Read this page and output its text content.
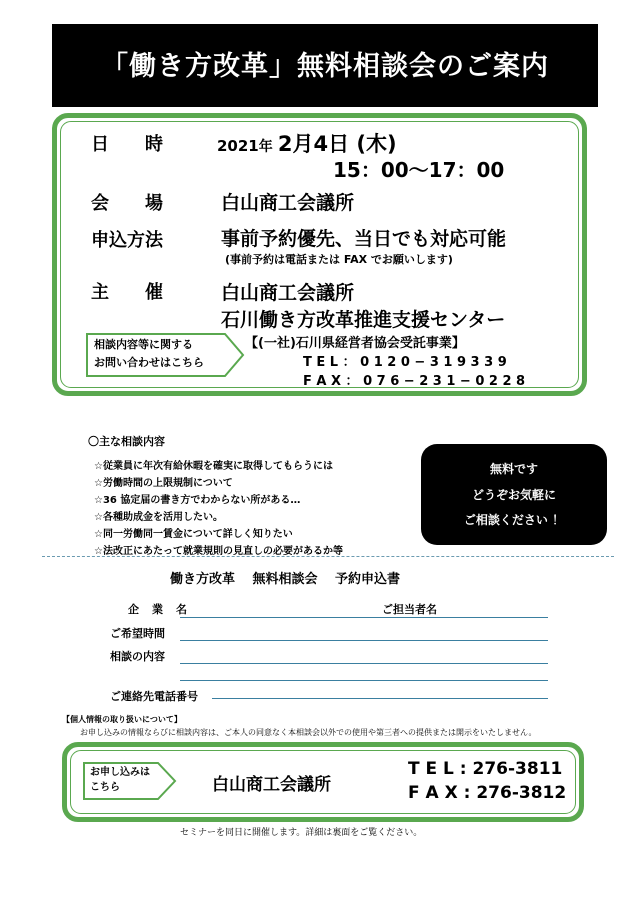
「働き方改革」無料相談会のご案内
日　　時	2021年 2月4日 (木)
15：00～17：00
会　　場	白山商工会議所
申込方法	事前予約優先、当日でも対応可能
(事前予約は電話または FAX でお願いします)
主　　催	白山商工会議所
石川働き方改革推進支援センター
【(一社)石川県経営者協会受託事業】
相談内容等に関する
お問い合わせはこちら	T E L ： 0 1 2 0 − 3 1 9 3 3 9
F A X ： 0 7 6 − 2 3 1 − 0 2 2 8
〇主な相談内容
☆従業員に年次有給休暇を確実に取得してもらうには
☆労働時間の上限規制について
☆36 協定届の書き方でわからない所がある…
☆各種助成金を活用したい。
☆同一労働同一賃金について詳しく知りたい
☆法改正にあたって就業規則の見直しの必要があるか等
無料です
どうぞお気軽に
ご相談ください ！
働き方改革　 無料相談会　 予約申込書
企　業　名	ご担当者名
ご希望時間
相談の内容
ご連絡先電話番号
【個人情報の取り扱いについて】
お申し込みの情報ならびに相談内容は、ご本人の同意なく本相談会以外での使用や第三者への提供または開示をいたしません。
お申し込みは
こちら	白山商工会議所
T E L : 276-3811
F A X : 276-3812
セミナーを同日に開催します。詳細は裏面をご覧ください。
